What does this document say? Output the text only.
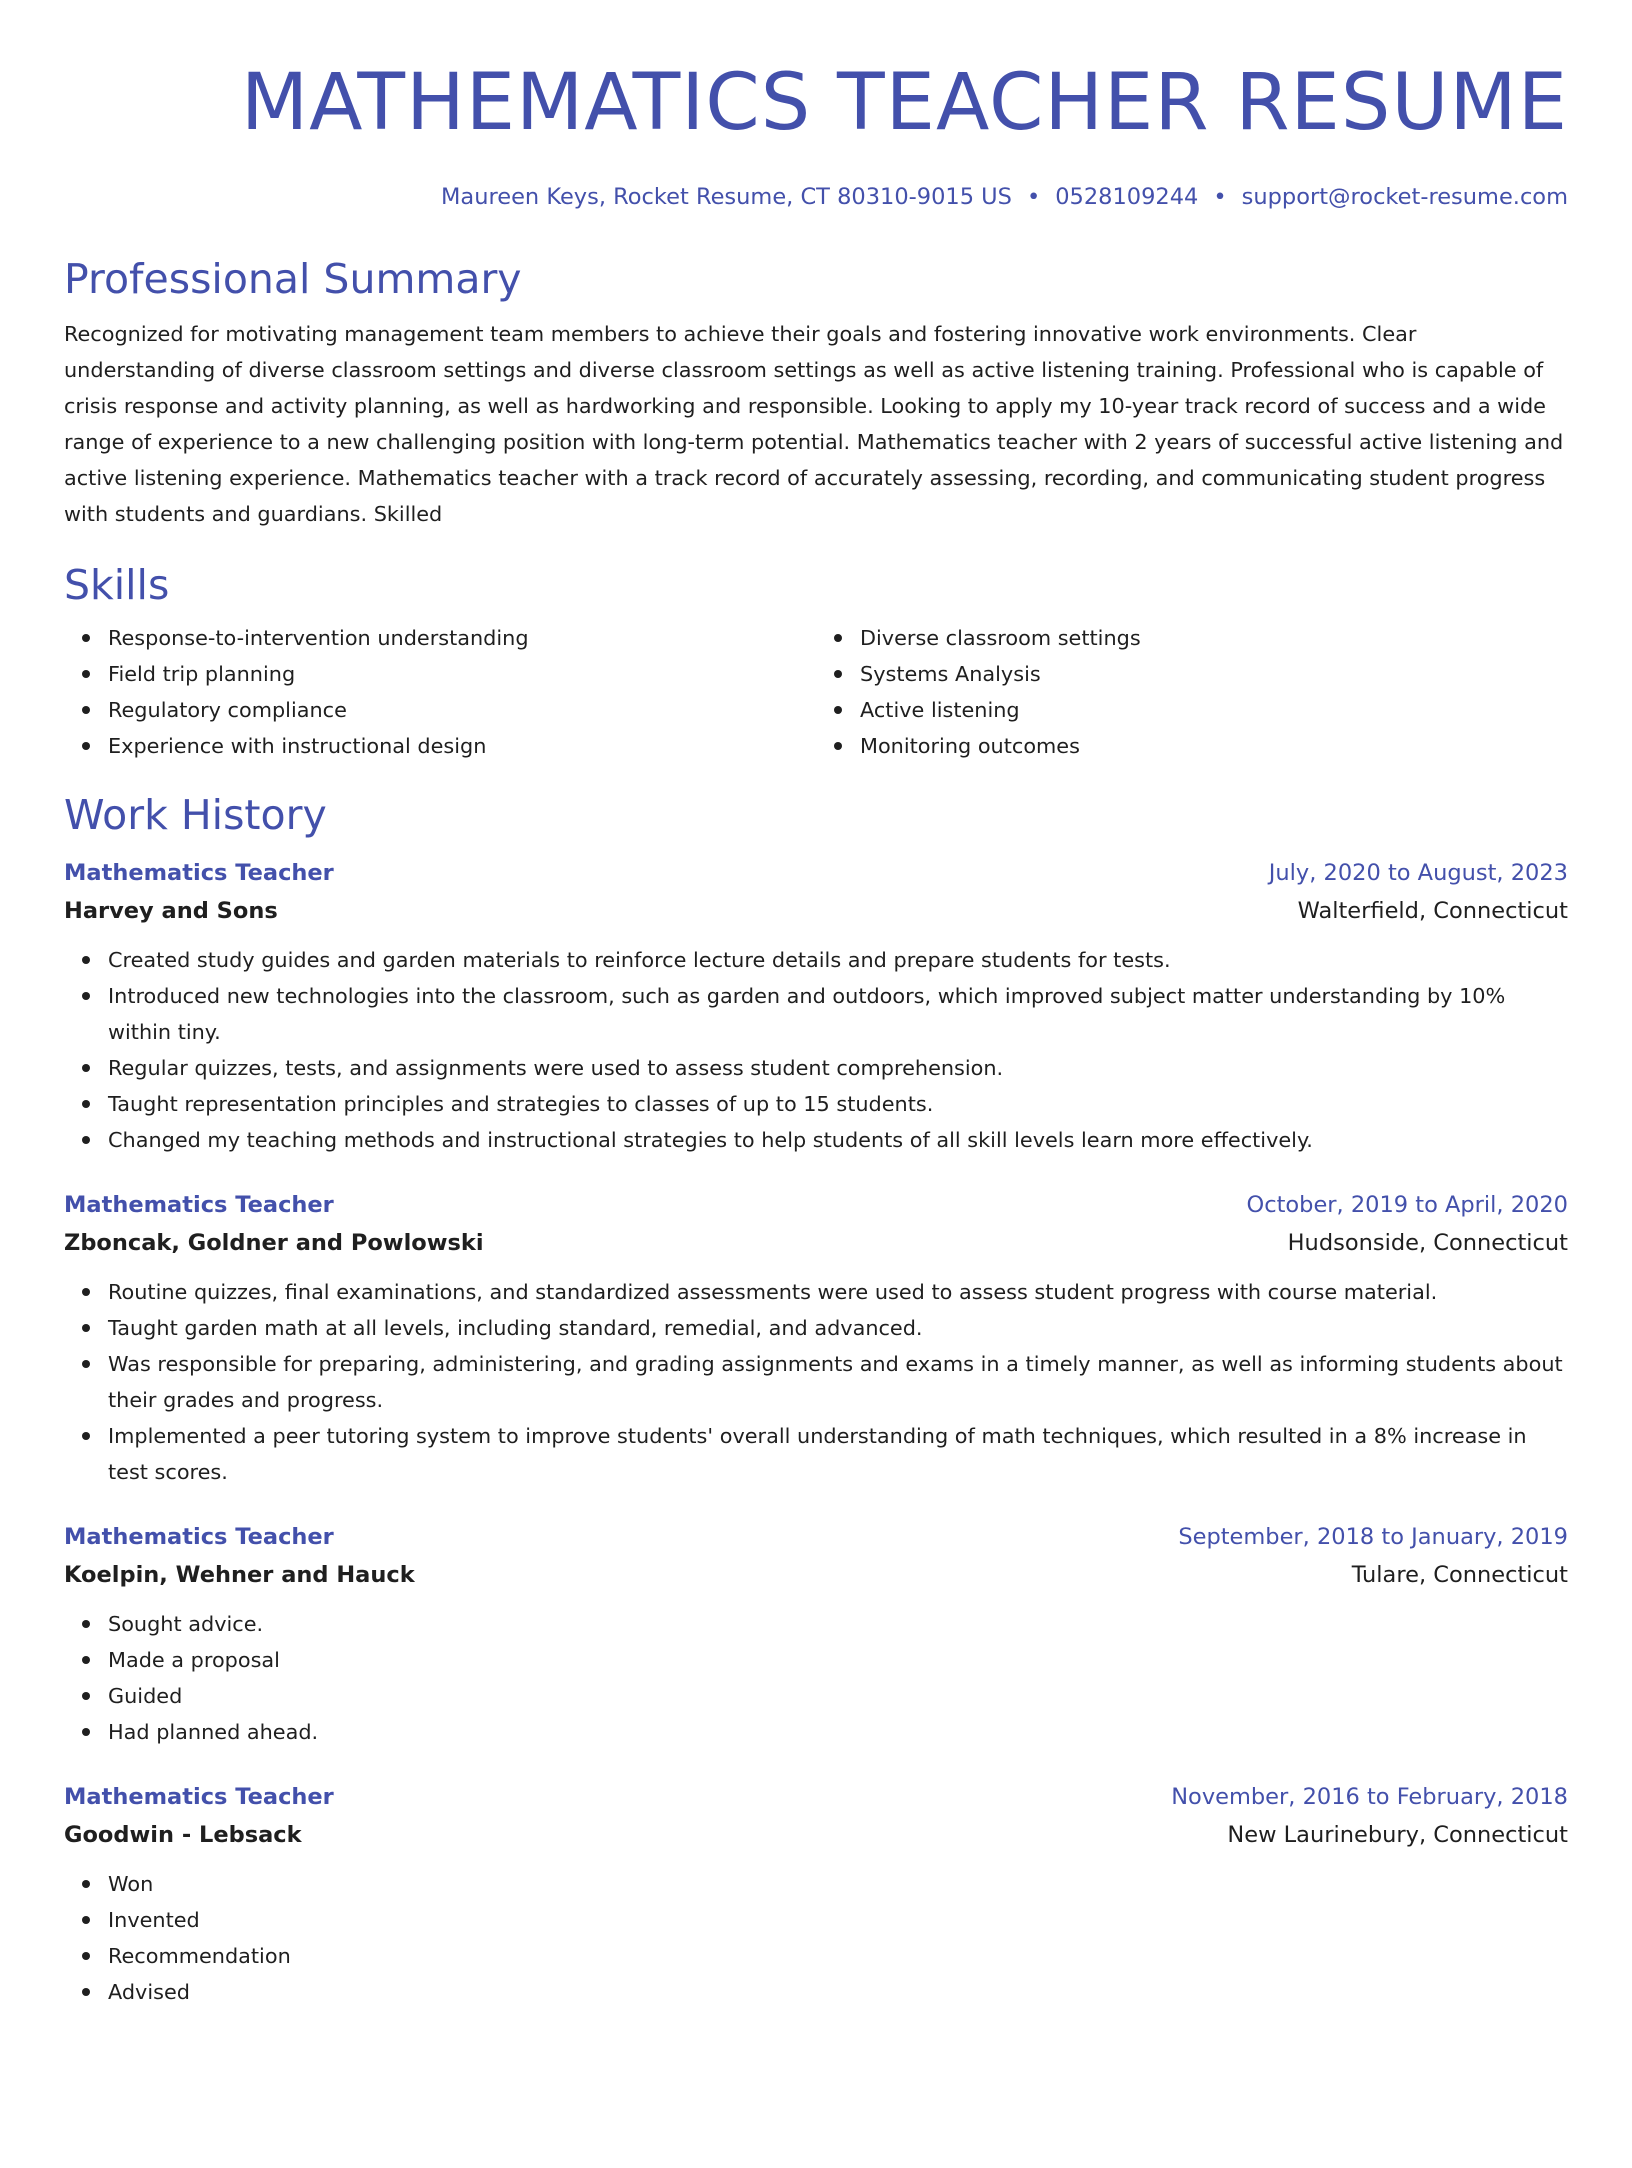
MATHEMATICS TEACHER RESUME
Maureen Keys, Rocket Resume, CT 80310-9015 US • 0528109244 • support@rocket-resume.com
Professional Summary

Recognized for motivating management team members to achieve their goals and fostering innovative work environments. Clear understanding of diverse classroom settings and diverse classroom settings as well as active listening training. Professional who is capable of crisis response and activity planning, as well as hardworking and responsible. Looking to apply my 10-year track record of success and a wide range of experience to a new challenging position with long-term potential. Mathematics teacher with 2 years of successful active listening and active listening experience. Mathematics teacher with a track record of accurately assessing, recording, and communicating student progress with students and guardians. Skilled

Skills
Response-to-intervention understanding
Field trip planning
Regulatory compliance
Experience with instructional design
Diverse classroom settings
Systems Analysis
Active listening
Monitoring outcomes
Work History
Mathematics Teacher	July, 2020 to August, 2023
Harvey and Sons	Walterfield, Connecticut
Created study guides and garden materials to reinforce lecture details and prepare students for tests.
Introduced new technologies into the classroom, such as garden and outdoors, which improved subject matter understanding by 10% within tiny.
Regular quizzes, tests, and assignments were used to assess student comprehension.
Taught representation principles and strategies to classes of up to 15 students.
Changed my teaching methods and instructional strategies to help students of all skill levels learn more effectively.
Mathematics Teacher	October, 2019 to April, 2020
Zboncak, Goldner and Powlowski	Hudsonside, Connecticut
Routine quizzes, final examinations, and standardized assessments were used to assess student progress with course material.
Taught garden math at all levels, including standard, remedial, and advanced.
Was responsible for preparing, administering, and grading assignments and exams in a timely manner, as well as informing students about their grades and progress.
Implemented a peer tutoring system to improve students' overall understanding of math techniques, which resulted in a 8% increase in test scores.
Mathematics Teacher	September, 2018 to January, 2019
Koelpin, Wehner and Hauck	Tulare, Connecticut
Sought advice.
Made a proposal
Guided
Had planned ahead.
Mathematics Teacher	November, 2016 to February, 2018
Goodwin - Lebsack	New Laurinebury, Connecticut
Won
Invented
Recommendation
Advised
